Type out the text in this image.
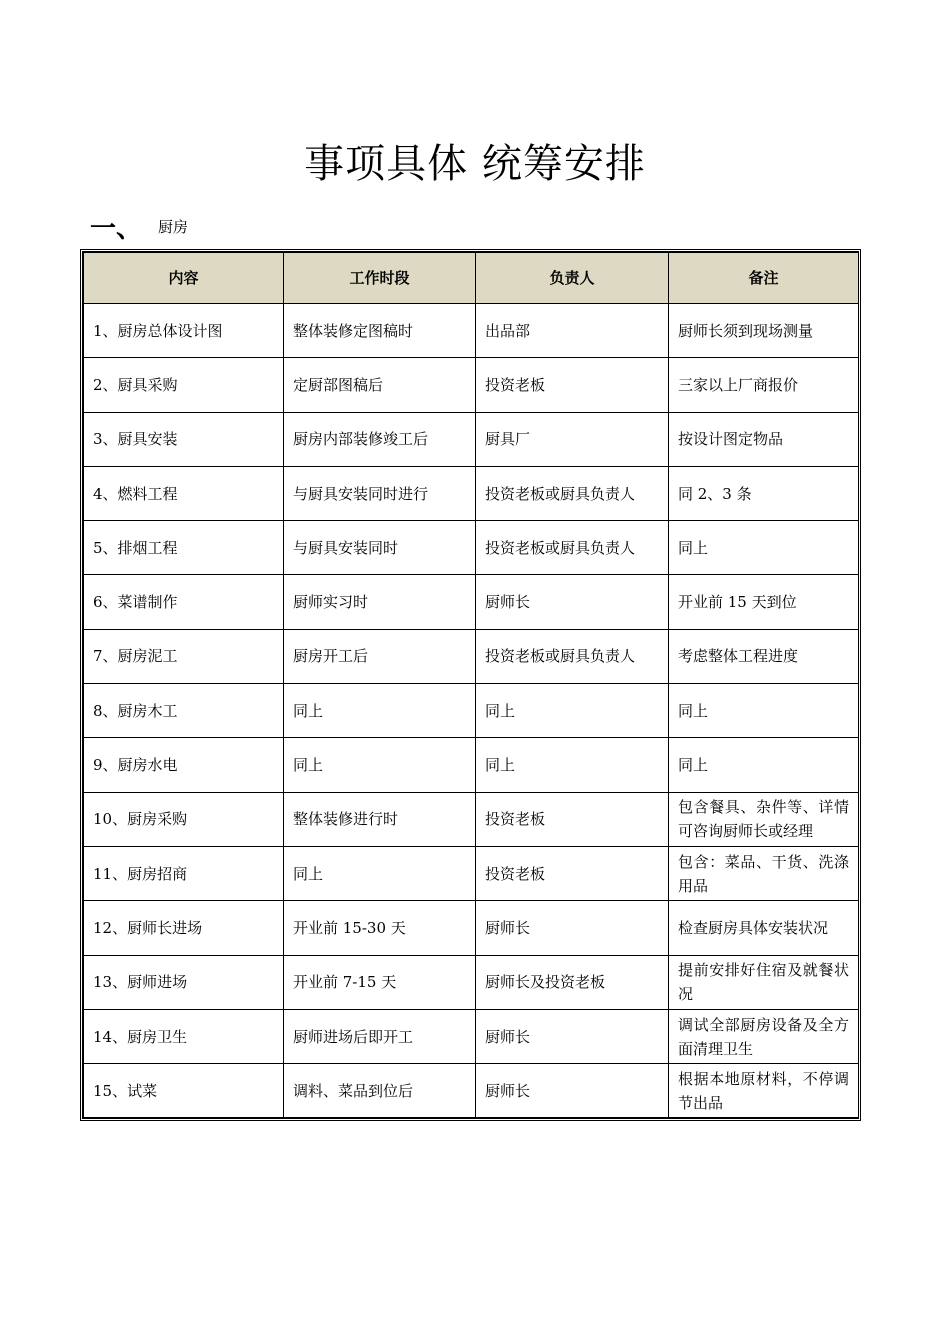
事项具体 统筹安排
一、	厨房
内容	工作时段	负责人	备注
1、厨房总体设计图	整体装修定图稿时	出品部	厨师长须到现场测量
2、厨具采购	定厨部图稿后	投资老板	三家以上厂商报价
3、厨具安装	厨房内部装修竣工后	厨具厂	按设计图定物品
4、燃料工程	与厨具安装同时进行	投资老板或厨具负责人	同 2、3 条
5、排烟工程	与厨具安装同时	投资老板或厨具负责人	同上
6、菜谱制作	厨师实习时	厨师长	开业前 15 天到位
7、厨房泥工	厨房开工后	投资老板或厨具负责人	考虑整体工程进度
8、厨房木工	同上	同上	同上
9、厨房水电	同上	同上	同上
10、厨房采购	整体装修进行时	投资老板	包含餐具、杂件等、详情可咨询厨师长或经理
11、厨房招商	同上	投资老板	包含：菜品、干货、洗涤用品
12、厨师长进场	开业前 15-30 天	厨师长	检查厨房具体安装状况
13、厨师进场	开业前 7-15 天	厨师长及投资老板	提前安排好住宿及就餐状况
14、厨房卫生	厨师进场后即开工	厨师长	调试全部厨房设备及全方面清理卫生
15、试菜	调料、菜品到位后	厨师长	根据本地原材料，不停调节出品
